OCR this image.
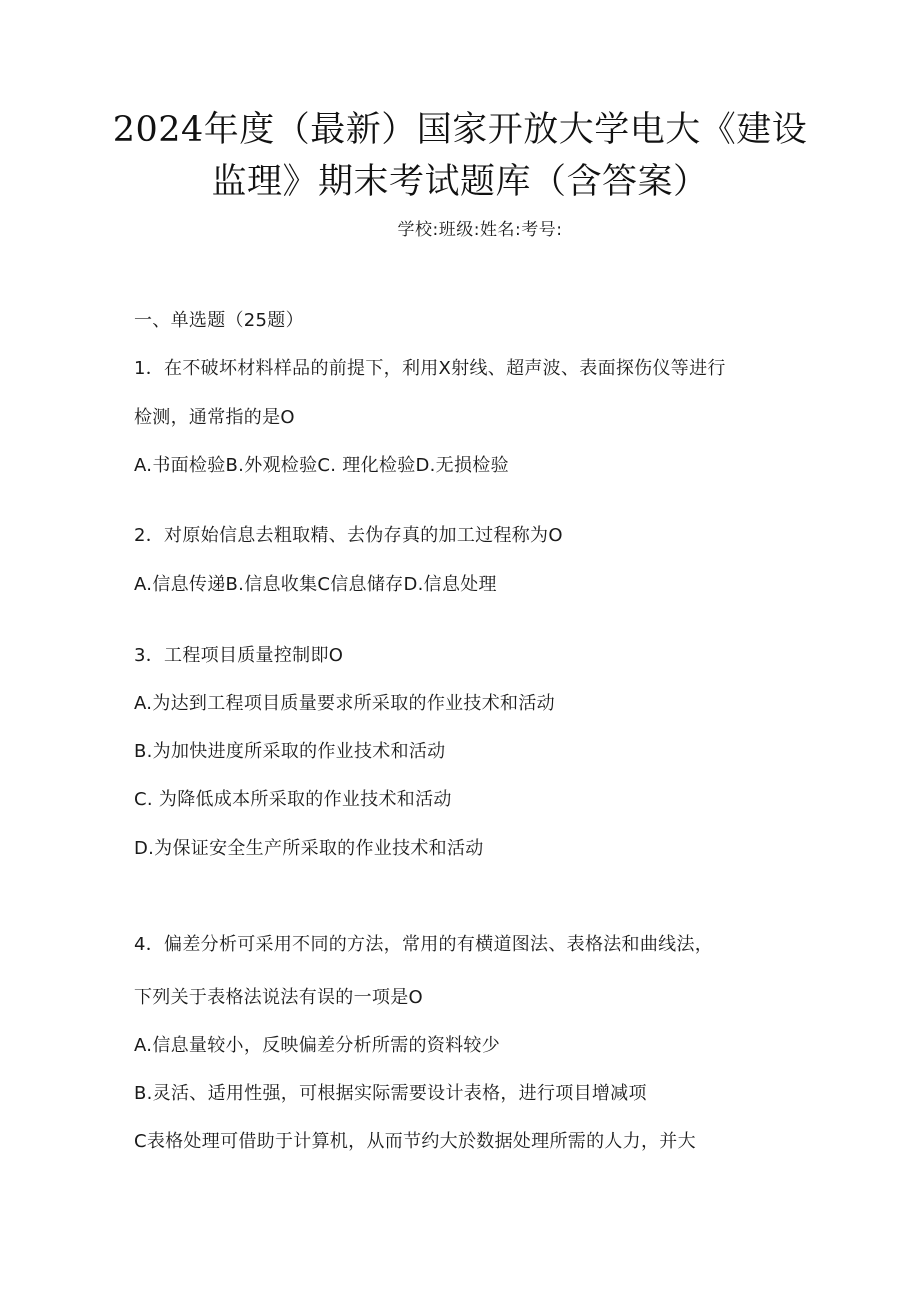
2024年度（最新）国家开放大学电大《建设
监理》期末考试题库（含答案）
学校:班级:姓名:考号:
一、单选题（25题）
1．在不破坏材料样品的前提下，利用X射线、超声波、表面探伤仪等进行
检测，通常指的是O
A.书面检验B.外观检验C. 理化检验D.无损检验
2．对原始信息去粗取精、去伪存真的加工过程称为O
A.信息传递B.信息收集C信息储存D.信息处理
3．工程项目质量控制即O
A.为达到工程项目质量要求所采取的作业技术和活动
B.为加快进度所采取的作业技术和活动
C. 为降低成本所采取的作业技术和活动
D.为保证安全生产所采取的作业技术和活动
4．偏差分析可采用不同的方法，常用的有横道图法、表格法和曲线法，
下列关于表格法说法有误的一项是O
A.信息量较小，反映偏差分析所需的资料较少
B.灵活、适用性强，可根据实际需要设计表格，进行项目增减项
C表格处理可借助于计算机，从而节约大於数据处理所需的人力，并大
